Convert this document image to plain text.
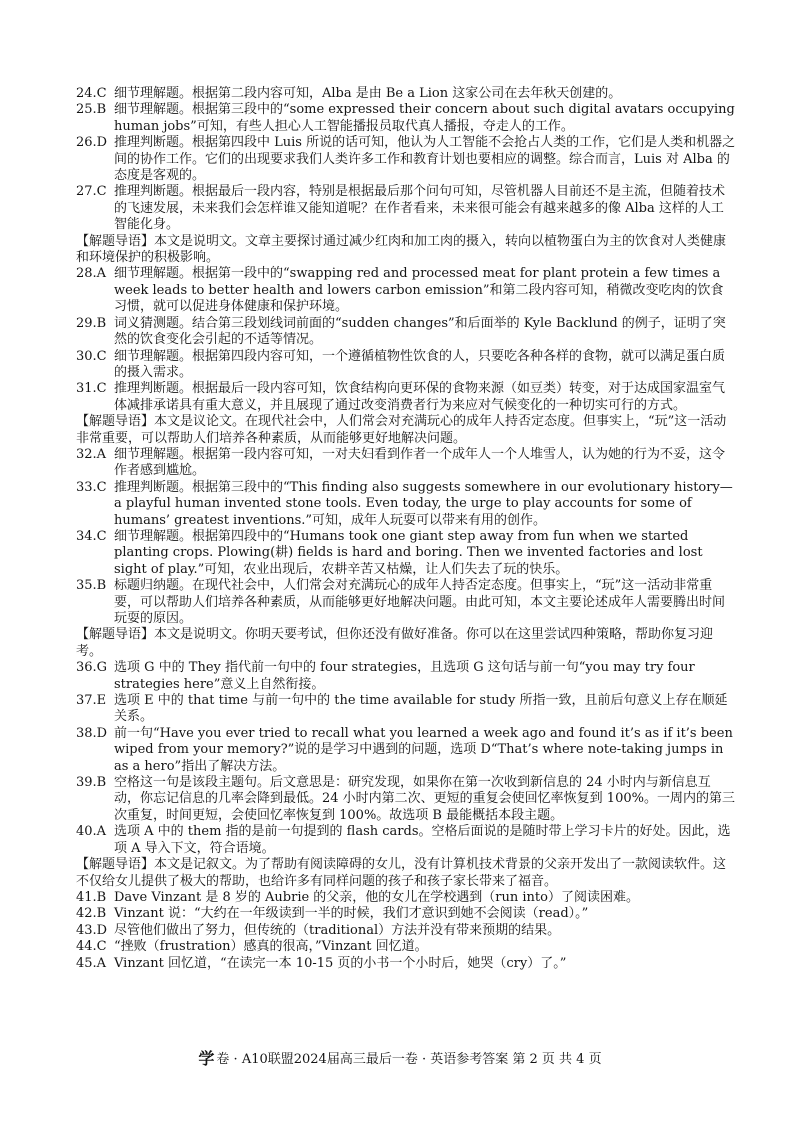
24.C 细节理解题。根据第二段内容可知，Alba 是由 Be a Lion 这家公司在去年秋天创建的。
25.B 细节理解题。根据第三段中的“some expressed their concern about such digital avatars occupying human jobs”可知，有些人担心人工智能播报员取代真人播报，夺走人的工作。
26.D 推理判断题。根据第四段中 Luis 所说的话可知，他认为人工智能不会抢占人类的工作，它们是人类和机器之间的协作工作。它们的出现要求我们人类许多工作和教育计划也要相应的调整。综合而言，Luis 对 Alba 的态度是客观的。
27.C 推理判断题。根据最后一段内容，特别是根据最后那个问句可知，尽管机器人目前还不是主流，但随着技术的飞速发展，未来我们会怎样谁又能知道呢？在作者看来，未来很可能会有越来越多的像 Alba 这样的人工智能化身。
【解题导语】本文是说明文。文章主要探讨通过减少红肉和加工肉的摄入，转向以植物蛋白为主的饮食对人类健康和环境保护的积极影响。
28.A 细节理解题。根据第一段中的“swapping red and processed meat for plant protein a few times a week leads to better health and lowers carbon emission”和第二段内容可知，稍微改变吃肉的饮食习惯，就可以促进身体健康和保护环境。
29.B 词义猜测题。结合第三段划线词前面的“sudden changes”和后面举的 Kyle Backlund 的例子，证明了突然的饮食变化会引起的不适等情况。
30.C 细节理解题。根据第四段内容可知，一个遵循植物性饮食的人，只要吃各种各样的食物，就可以满足蛋白质的摄入需求。
31.C 推理判断题。根据最后一段内容可知，饮食结构向更环保的食物来源（如豆类）转变，对于达成国家温室气体减排承诺具有重大意义，并且展现了通过改变消费者行为来应对气候变化的一种切实可行的方式。
【解题导语】本文是议论文。在现代社会中，人们常会对充满玩心的成年人持否定态度。但事实上，“玩”这一活动非常重要，可以帮助人们培养各种素质，从而能够更好地解决问题。
32.A 细节理解题。根据第一段内容可知，一对夫妇看到作者一个成年人一个人堆雪人，认为她的行为不妥，这令作者感到尴尬。
33.C 推理判断题。根据第三段中的“This finding also suggests somewhere in our evolutionary history—a playful human invented stone tools. Even today, the urge to play accounts for some of humans’ greatest inventions.”可知，成年人玩耍可以带来有用的创作。
34.C 细节理解题。根据第四段中的“Humans took one giant step away from fun when we started planting crops. Plowing(耕) fields is hard and boring. Then we invented factories and lost sight of play.”可知，农业出现后，农耕辛苦又枯燥，让人们失去了玩的快乐。
35.B 标题归纳题。在现代社会中，人们常会对充满玩心的成年人持否定态度。但事实上，“玩”这一活动非常重要，可以帮助人们培养各种素质，从而能够更好地解决问题。由此可知，本文主要论述成年人需要腾出时间玩耍的原因。
【解题导语】本文是说明文。你明天要考试，但你还没有做好准备。你可以在这里尝试四种策略，帮助你复习迎考。
36.G 选项 G 中的 They 指代前一句中的 four strategies，且选项 G 这句话与前一句“you may try four strategies here”意义上自然衔接。
37.E 选项 E 中的 that time 与前一句中的 the time available for study 所指一致，且前后句意义上存在顺延关系。
38.D 前一句“Have you ever tried to recall what you learned a week ago and found it’s as if it’s been wiped from your memory?”说的是学习中遇到的问题，选项 D“That’s where note-taking jumps in as a hero”指出了解决方法。
39.B 空格这一句是该段主题句。后文意思是：研究发现，如果你在第一次收到新信息的 24 小时内与新信息互动，你忘记信息的几率会降到最低。24 小时内第二次、更短的重复会使回忆率恢复到 100%。一周内的第三次重复，时间更短，会使回忆率恢复到 100%。故选项 B 最能概括本段主题。
40.A 选项 A 中的 them 指的是前一句提到的 flash cards。空格后面说的是随时带上学习卡片的好处。因此，选项 A 导入下文，符合语境。
【解题导语】本文是记叙文。为了帮助有阅读障碍的女儿，没有计算机技术背景的父亲开发出了一款阅读软件。这不仅给女儿提供了极大的帮助，也给许多有同样问题的孩子和孩子家长带来了福音。
41.B Dave Vinzant 是 8 岁的 Aubrie 的父亲，他的女儿在学校遇到（run into）了阅读困难。
42.B Vinzant 说：“大约在一年级读到一半的时候，我们才意识到她不会阅读（read）。”
43.D 尽管他们做出了努力，但传统的（traditional）方法并没有带来预期的结果。
44.C “挫败（frustration）感真的很高，”Vinzant 回忆道。
45.A Vinzant 回忆道，“在读完一本 10-15 页的小书一个小时后，她哭（cry）了。”
学 卷 · A10联盟2024届高三最后一卷 · 英语参考答案 第 2 页 共 4 页
